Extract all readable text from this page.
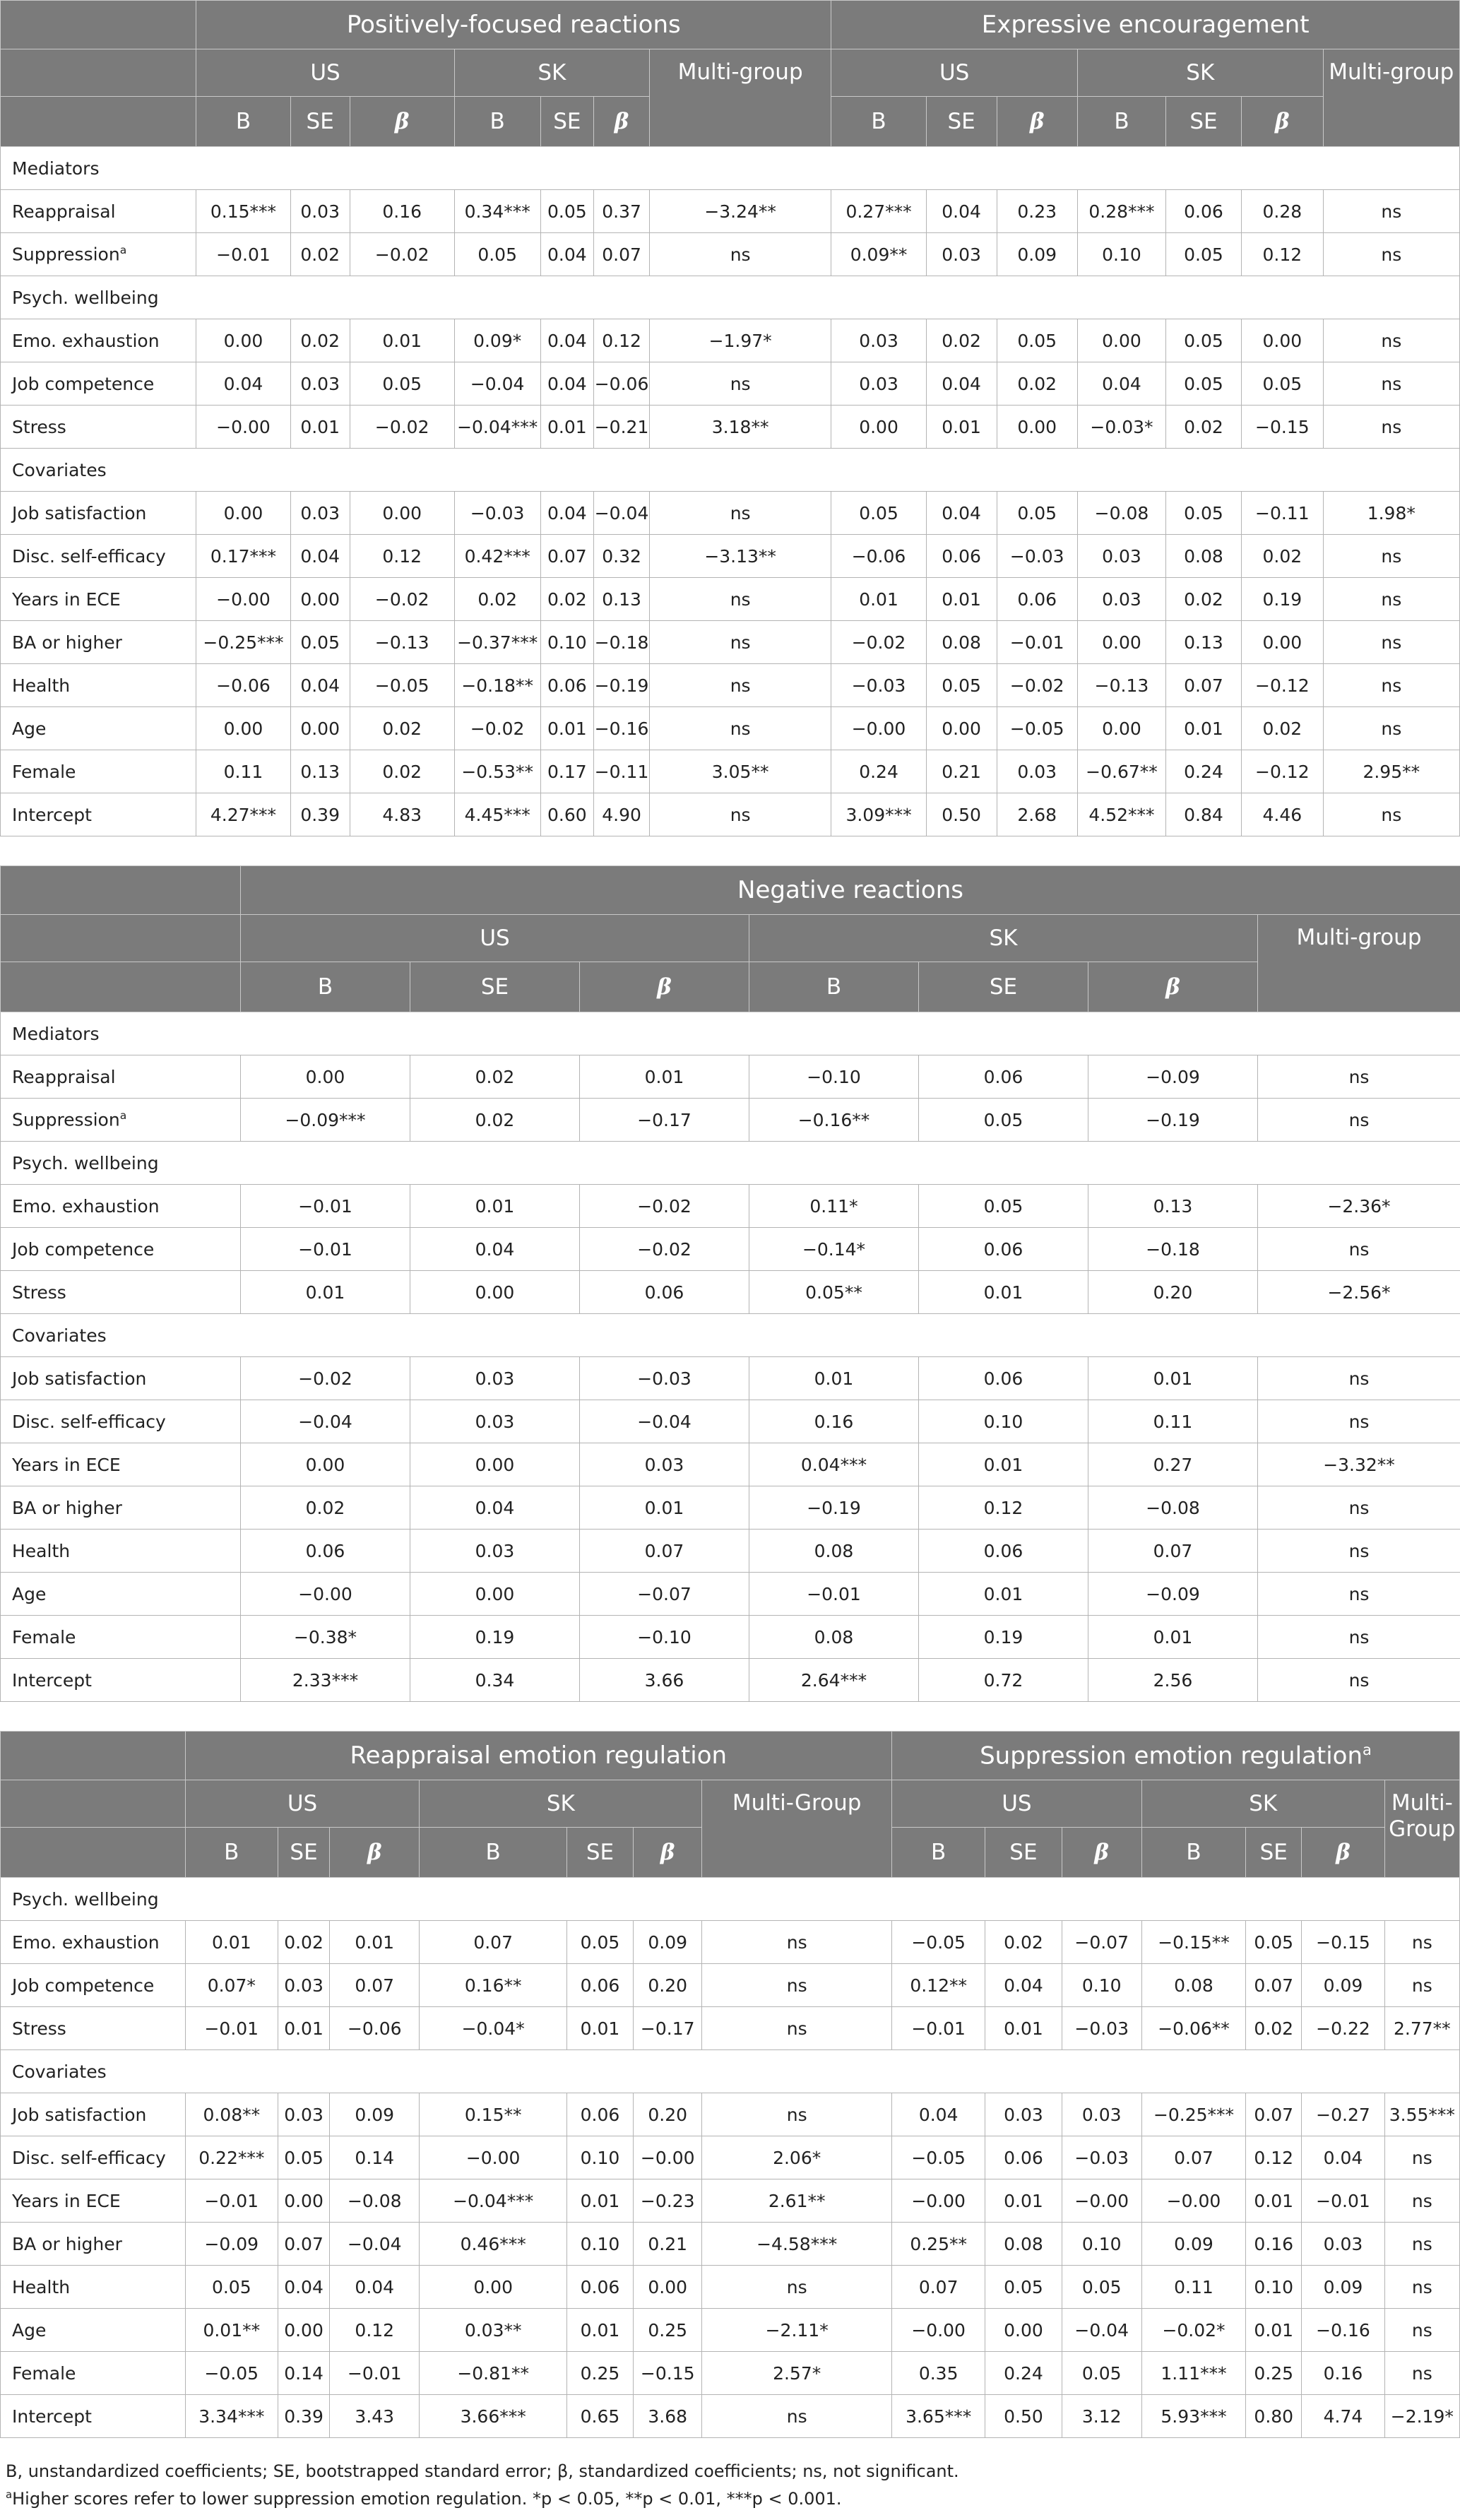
	Positively-focused reactions							Expressive encouragement						
	US			SK			Multi-group	US			SK			Multi-group
	B	SE	β	B	SE	β		B	SE	β	B	SE	β	
Mediators														
Reappraisal	0.15***	0.03	0.16	0.34***	0.05	0.37	−3.24**	0.27***	0.04	0.23	0.28***	0.06	0.28	ns
Suppression$^a$	−0.01	0.02	−0.02	0.05	0.04	0.07	ns	0.09**	0.03	0.09	0.10	0.05	0.12	ns
Psych. wellbeing														
Emo. exhaustion	0.00	0.02	0.01	0.09*	0.04	0.12	−1.97*	0.03	0.02	0.05	0.00	0.05	0.00	ns
Job competence	0.04	0.03	0.05	−0.04	0.04	−0.06	ns	0.03	0.04	0.02	0.04	0.05	0.05	ns
Stress	−0.00	0.01	−0.02	−0.04***	0.01	−0.21	3.18**	0.00	0.01	0.00	−0.03*	0.02	−0.15	ns
Covariates														
Job satisfaction	0.00	0.03	0.00	−0.03	0.04	−0.04	ns	0.05	0.04	0.05	−0.08	0.05	−0.11	1.98*
Disc. self-efficacy	0.17***	0.04	0.12	0.42***	0.07	0.32	−3.13**	−0.06	0.06	−0.03	0.03	0.08	0.02	ns
Years in ECE	−0.00	0.00	−0.02	0.02	0.02	0.13	ns	0.01	0.01	0.06	0.03	0.02	0.19	ns
BA or higher	−0.25***	0.05	−0.13	−0.37***	0.10	−0.18	ns	−0.02	0.08	−0.01	0.00	0.13	0.00	ns
Health	−0.06	0.04	−0.05	−0.18**	0.06	−0.19	ns	−0.03	0.05	−0.02	−0.13	0.07	−0.12	ns
Age	0.00	0.00	0.02	−0.02	0.01	−0.16	ns	−0.00	0.00	−0.05	0.00	0.01	0.02	ns
Female	0.11	0.13	0.02	−0.53**	0.17	−0.11	3.05**	0.24	0.21	0.03	−0.67**	0.24	−0.12	2.95**
Intercept	4.27***	0.39	4.83	4.45***	0.60	4.90	ns	3.09***	0.50	2.68	4.52***	0.84	4.46	ns
	Negative reactions						
	US			SK			Multi-group
	B	SE	β	B	SE	β	
Mediators							
Reappraisal	0.00	0.02	0.01	−0.10	0.06	−0.09	ns
Suppression$^a$	−0.09***	0.02	−0.17	−0.16**	0.05	−0.19	ns
Psych. wellbeing							
Emo. exhaustion	−0.01	0.01	−0.02	0.11*	0.05	0.13	−2.36*
Job competence	−0.01	0.04	−0.02	−0.14*	0.06	−0.18	ns
Stress	0.01	0.00	0.06	0.05**	0.01	0.20	−2.56*
Covariates							
Job satisfaction	−0.02	0.03	−0.03	0.01	0.06	0.01	ns
Disc. self-efficacy	−0.04	0.03	−0.04	0.16	0.10	0.11	ns
Years in ECE	0.00	0.00	0.03	0.04***	0.01	0.27	−3.32**
BA or higher	0.02	0.04	0.01	−0.19	0.12	−0.08	ns
Health	0.06	0.03	0.07	0.08	0.06	0.07	ns
Age	−0.00	0.00	−0.07	−0.01	0.01	−0.09	ns
Female	−0.38*	0.19	−0.10	0.08	0.19	0.01	ns
Intercept	2.33***	0.34	3.66	2.64***	0.72	2.56	ns
	Reappraisal emotion regulation							Suppression emotion regulation$^a$
	US			SK			Multi-Group	US			SK			Multi-Group
	B	SE	β	B	SE	β		B	SE	β	B	SE	β	
Psych. wellbeing														
Emo. exhaustion	0.01	0.02	0.01	0.07	0.05	0.09	ns	−0.05	0.02	−0.07	−0.15**	0.05	−0.15	ns
Job competence	0.07*	0.03	0.07	0.16**	0.06	0.20	ns	0.12**	0.04	0.10	0.08	0.07	0.09	ns
Stress	−0.01	0.01	−0.06	−0.04*	0.01	−0.17	ns	−0.01	0.01	−0.03	−0.06**	0.02	−0.22	2.77**
Covariates														
Job satisfaction	0.08**	0.03	0.09	0.15**	0.06	0.20	ns	0.04	0.03	0.03	−0.25***	0.07	−0.27	3.55***
Disc. self-efficacy	0.22***	0.05	0.14	−0.00	0.10	−0.00	2.06*	−0.05	0.06	−0.03	0.07	0.12	0.04	ns
Years in ECE	−0.01	0.00	−0.08	−0.04***	0.01	−0.23	2.61**	−0.00	0.01	−0.00	−0.00	0.01	−0.01	ns
BA or higher	−0.09	0.07	−0.04	0.46***	0.10	0.21	−4.58***	0.25**	0.08	0.10	0.09	0.16	0.03	ns
Health	0.05	0.04	0.04	0.00	0.06	0.00	ns	0.07	0.05	0.05	0.11	0.10	0.09	ns
Age	0.01**	0.00	0.12	0.03**	0.01	0.25	−2.11*	−0.00	0.00	−0.04	−0.02*	0.01	−0.16	ns
Female	−0.05	0.14	−0.01	−0.81**	0.25	−0.15	2.57*	0.35	0.24	0.05	1.11***	0.25	0.16	ns
Intercept	3.34***	0.39	3.43	3.66***	0.65	3.68	ns	3.65***	0.50	3.12	5.93***	0.80	4.74	−2.19*
B, unstandardized coefficients; SE, bootstrapped standard error; β, standardized coefficients; ns, not significant.
$^a$Higher scores refer to lower suppression emotion regulation. *p < 0.05, **p < 0.01, ***p < 0.001.
